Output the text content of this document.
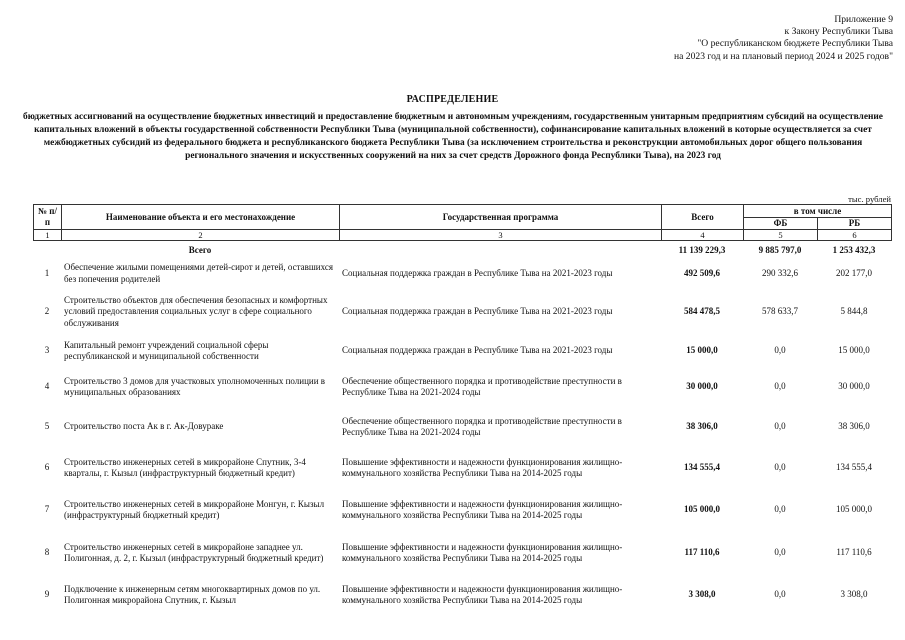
Приложение 9
к Закону Республики Тыва
"О республиканском бюджете Республики Тыва
на 2023 год и на плановый период 2024 и 2025 годов"
РАСПРЕДЕЛЕНИЕ
бюджетных ассигнований на осуществление бюджетных инвестиций и предоставление бюджетным и автономным учреждениям, государственным унитарным предприятиям субсидий на осуществление капитальных вложений в объекты государственной собственности Республики Тыва (муниципальной собственности), софинансирование капитальных вложений в которые осуществляется за счет межбюджетных субсидий из федерального бюджета и республиканского бюджета Республики Тыва (за исключением строительства и реконструкции автомобильных дорог общего пользования регионального значения и искусственных сооружений на них за счет средств Дорожного фонда Республики Тыва), на 2023 год
тыс. рублей
№ п/п	Наименование объекта и его местонахождение	Государственная программа	Всего	в том числе	
				ФБ	РБ
1	2	3	4	5	6
	Всего		11 139 229,3	9 885 797,0	1 253 432,3
1	Обеспечение жилыми помещениями детей-сирот и детей, оставшихся без попечения родителей	Социальная поддержка граждан в Республике Тыва на 2021-2023 годы	492 509,6	290 332,6	202 177,0
2	Строительство объектов для обеспечения безопасных и комфортных условий предоставления социальных услуг в сфере социального обслуживания	Социальная поддержка граждан в Республике Тыва на 2021-2023 годы	584 478,5	578 633,7	5 844,8
3	Капитальный ремонт учреждений социальной сферы республиканской и муниципальной собственности	Социальная поддержка граждан в Республике Тыва на 2021-2023 годы	15 000,0	0,0	15 000,0
4	Строительство 3 домов для участковых уполномоченных полиции в муниципальных образованиях	Обеспечение общественного порядка и противодействие преступности в Республике Тыва на 2021-2024 годы	30 000,0	0,0	30 000,0
5	Строительство поста Ак в г. Ак-Довураке	Обеспечение общественного порядка и противодействие преступности в Республике Тыва на 2021-2024 годы	38 306,0	0,0	38 306,0
6	Строительство инженерных сетей в микрорайоне Спутник, 3-4 кварталы, г. Кызыл (инфраструктурный бюджетный кредит)	Повышение эффективности и надежности функционирования жилищно-коммунального хозяйства Республики Тыва на 2014-2025 годы	134 555,4	0,0	134 555,4
7	Строительство инженерных сетей в микрорайоне Монгун, г. Кызыл (инфраструктурный бюджетный кредит)	Повышение эффективности и надежности функционирования жилищно-коммунального хозяйства Республики Тыва на 2014-2025 годы	105 000,0	0,0	105 000,0
8	Строительство инженерных сетей в микрорайоне западнее ул. Полигонная, д. 2, г. Кызыл (инфраструктурный бюджетный кредит)	Повышение эффективности и надежности функционирования жилищно-коммунального хозяйства Республики Тыва на 2014-2025 годы	117 110,6	0,0	117 110,6
9	Подключение к инженерным сетям многоквартирных домов по ул. Полигонная микрорайона Спутник, г. Кызыл	Повышение эффективности и надежности функционирования жилищно-коммунального хозяйства Республики Тыва на 2014-2025 годы	3 308,0	0,0	3 308,0
